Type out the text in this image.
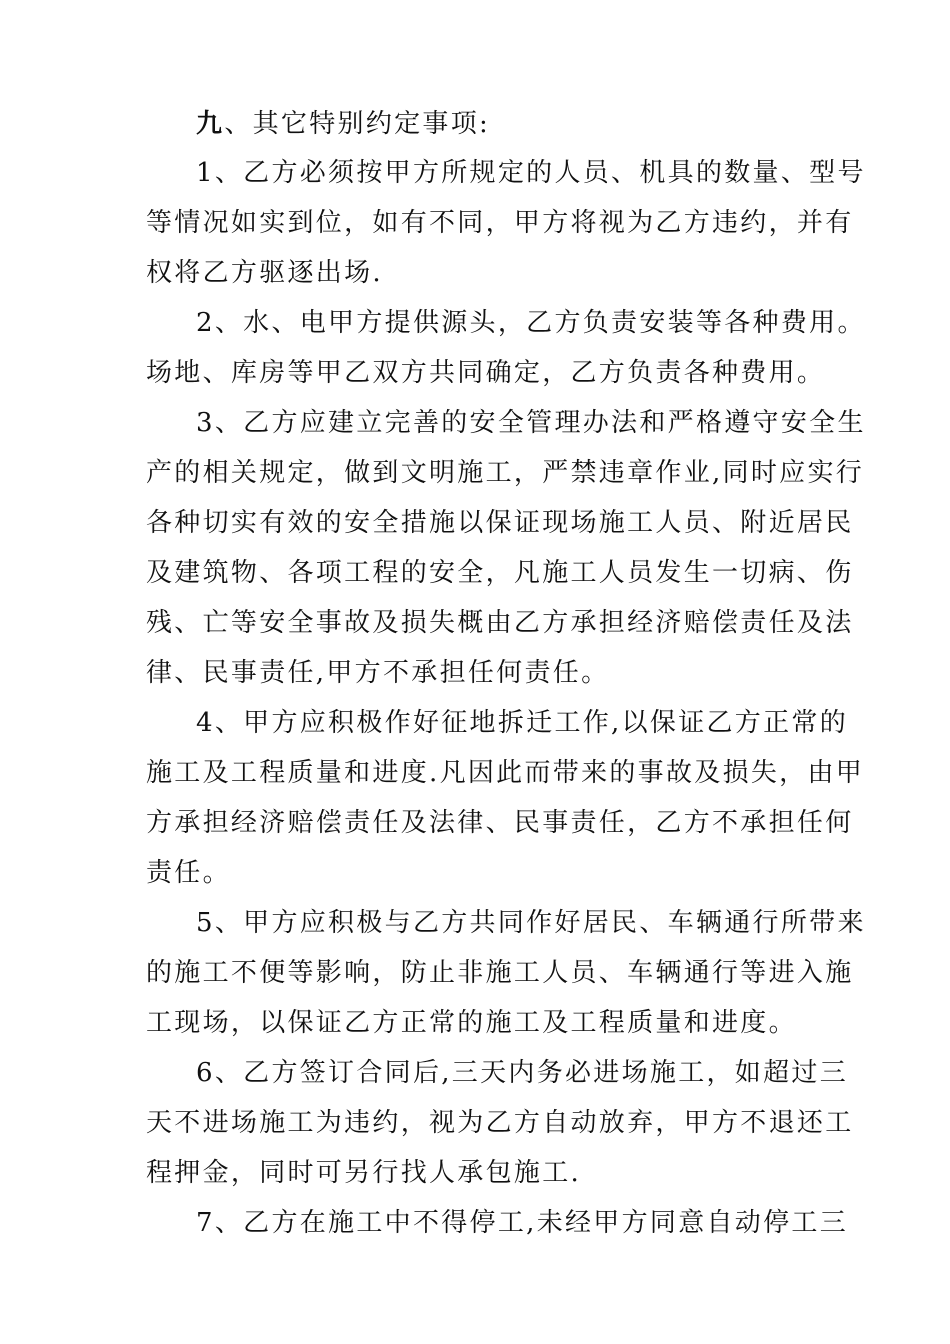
九、其它特别约定事项:
1、乙方必须按甲方所规定的人员、机具的数量、型号
等情况如实到位，如有不同，甲方将视为乙方违约，并有
权将乙方驱逐出场.
2、水、电甲方提供源头，乙方负责安装等各种费用。
场地、库房等甲乙双方共同确定，乙方负责各种费用。
3、乙方应建立完善的安全管理办法和严格遵守安全生
产的相关规定，做到文明施工，严禁违章作业,同时应实行
各种切实有效的安全措施以保证现场施工人员、附近居民
及建筑物、各项工程的安全，凡施工人员发生一切病、伤
残、亡等安全事故及损失概由乙方承担经济赔偿责任及法
律、民事责任,甲方不承担任何责任。
4、甲方应积极作好征地拆迁工作,以保证乙方正常的
施工及工程质量和进度.凡因此而带来的事故及损失，由甲
方承担经济赔偿责任及法律、民事责任，乙方不承担任何
责任。
5、甲方应积极与乙方共同作好居民、车辆通行所带来
的施工不便等影响，防止非施工人员、车辆通行等进入施
工现场，以保证乙方正常的施工及工程质量和进度。
6、乙方签订合同后,三天内务必进场施工，如超过三
天不进场施工为违约，视为乙方自动放弃，甲方不退还工
程押金，同时可另行找人承包施工.
7、乙方在施工中不得停工,未经甲方同意自动停工三
